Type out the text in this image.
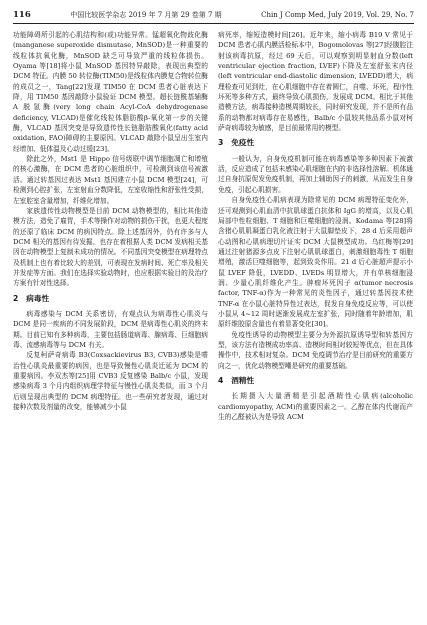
116	中国比较医学杂志 2019 年 7 月第 29 卷第 7 期	Chin J Comp Med, July 2019, Vol. 29, No. 7

功能障碍所引起的心肌结构和(或)功能异常。锰超氧化物歧化酶(manganese superoxide dismutase, MnSOD)是一种重要的线粒体抗氧化酶，MnSOD 缺乏可导致严重的线粒体损伤。Oyama 等[18]将小鼠 MnSOD 基因特异敲除，表现出典型的 DCM 特征。内膜 50 转位酶(TIM50)是线粒体内膜复合物转位酶的成员之一，Tang[22]发现 TIM50 在 DCM 患者心脏表达下降，用 TIM50 基因敲除小鼠验证 DCM 模型。超长链酰基辅酶 A 脱氢酶(very long chain Acyl-CoA dehydrogenase deficiency, VLCAD)是催化线粒体脂肪酸β-氧化第一步的关键酶，VLCAD 基因突变是导致遗传性长链脂肪酸氧化(fatty acid oxidation, FAO)障碍的主要原因。VLCAD 敲除小鼠呈出生室内经增加、低体温及心动过缓[23]。

除此之外，Mst1 是 Hippo 信号级联中调节细胞凋亡和增殖的核心激酶，在 DCM 患者的心脏组织中，可检测到该信号被激活。通过转基因过表达 Mst1 基因建立小鼠 DCM 模型[24]，可检测到心腔扩张，左室射血分数降低，左室收缩性和舒张性受损，左室腔室含量增加，纤维化增加。

家族遗传性动物模型是目前 DCM 动物模型的，相比其他造模方法，造免了雇胃，手术等操作对动物的损伤干扰，也更大程度的还原了临床 DCM 的病因特点。除上述基因外，仍有许多与人 DCM 相关的基因有待发掘，也存在着根据人类 DCM 发病相关基因在动物模型上复制未成功的情况。不同基因突变模型在病理特点及机制上也有着比较大的差别，可表现在发病时间、死亡率及相关并发症等方面。我们在选择实验动物时，也应根据实验目的及治疗方案有针对性选择。

2 病毒性

病毒感染与 DCM 关系密切，有观点认为病毒性心肌炎与 DCM 是同一疾病的不同发展阶段，DCM 是病毒性心肌炎的终末期。目前已知有多种病毒，主要包括肠道病毒、腺病毒、巨细胞病毒、流感病毒等与 DCM 有关。

反复柯萨奇病毒 B3(Coxsackievirus B3, CVB3)感染是嗜治性心肌炎最重要的病因，也是导致慢性心肌炎迁延为 DCM 的重要病因。李双杰等[25]用 CVB3 反复感染 Balb/c 小鼠，发现感染病毒 3 个月内组织病理学特征与慢性心肌炎类似，而 3 个月后则呈现出典型的 DCM 病理特征。也一些研究者发现，通过对接种次数及剂量的改变，能够减少小鼠

病死率，缩短造模时间[26]。近年来，缩小病毒 B19 V 常见于 DCM 患者心肌内膜活检标本中，Bogomolovas 等[27]经腹腔注射该病毒抗原，经过 69 天后，可以观察到明显射血分数(left ventricular ejection fraction, LVEF)下降及左室舒张末内径(left ventricular end-diastolic dimension, LVEDD)增大，病理检查可见到灶，在心肌细胞中存在着圆仁，自噬、坏死，程序性坏死等多种方式，最终导致心肌损伤，发展成 DCM。相比于其他造模方法，病毒接种造模周期较长，同时研究发现，并不是所有品系的动物都对病毒存在易感性，Balb/c 小鼠较其他品系小鼠对柯萨奇病毒较为敏感，是目前最常用的模型。

3 免疫性

一般认为，自身免疫机制可能在病毒感染等多种因素下被激活，反应造成了包括未感染心肌细胞在内的非选择性溶解。机体通过自身抗原促发免疫机制，再加上辅助因子的刺激，从而发生自身免疫，引起心肌损害。

自身免疫性心肌病表现为除常见的 DCM 病理特征变化外，还可观测到心肌血清中抗肌球蛋白抗体和 IgG 的增高，以及心肌局部中性粒细胞、T 细胞和巨噬细胞的浸润。Kodama 等[28]将含猪心肌肌凝蛋白乳化液注射于大鼠脚垫皮下，28 d 后采用超声心动图和心肌病理切片证实 DCM 大鼠模型成功。乌红梅等[29]通过注射猪源多点皮下注射心肌肌球蛋白，刺激细胞毒性 T 细胞增殖，激活巨噬细胞等，起到致炎作用。21 d 后心脏超声提示小鼠 LVEF 降低，LVEDD、LVEDs 明显增大，并有单核细胞浸润、少量心肌纤维化产生。肿瘤坏死因子 α(tumor necrosis factor, TNF-α)作为一种常见的炎性因子，通过转基因技术使 TNF-α 在小鼠心脏特异性过表达，促发自身免疫反应等，可以使小鼠从 4~12 周时逐渐发展成左室扩张，同时随着年龄增加，肌原纤维胶原含量也有着显著变化[30]。

免疫性诱导的动物模型主要分为外源抗原诱导型和转基因方型，该方法有造模成功率高、造模时间相对较短等优点，但在具体操作中，技术相对复杂。DCM 免疫调节治疗是目前研究的重要方向之一，优化动物模型嘲是研究的重要基础。

4 酒精性

长期摄入大量酒精是引起酒精性心肌病(alcoholic cardiomyopathy, ACM)的重要因素之一。乙醇在体内代谢而产生的乙醛被认为是导致 ACM
